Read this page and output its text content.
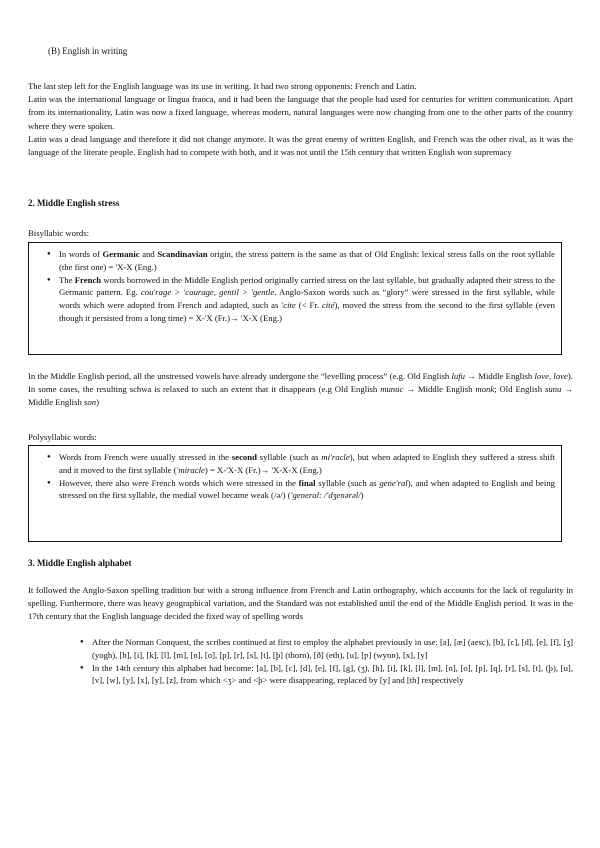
(B) English in writing

The last step left for the English language was its use in writing. It had two strong opponents: French and Latin.

Latin was the international language or lingua franca, and it had been the language that the people had used for centuries for written communication. Apart from its internationality, Latin was now a fixed language, whereas modern, natural languages were now changing from one to the other parts of the country where they were spoken.

Latin was a dead language and therefore it did not change anymore. It was the great enemy of written English, and French was the other rival, as it was the language of the literate people. English had to compete with both, and it was not until the 15th century that written English won supremacy

2. Middle English stress
Bisyllabic words:
● In words of Germanic and Scandinavian origin, the stress pattern is the same as that of Old English: lexical stress falls on the root syllable (the first one) = 'X-X (Eng.)
● The French words borrowed in the Middle English period originally carried stress on the last syllable, but gradually adapted their stress to the Germanic pattern. Eg. cou'rage > 'courage, gentil > 'gentle. Anglo-Saxon words such as “glory” were stressed in the first syllable, while words which were adopted from French and adapted, such as 'cite (< Fr. cité), moved the stress from the second to the first syllable (even though it persisted from a long time) = X-'X (Fr.)→ 'X-X (Eng.)

In the Middle English period, all the unstressed vowels have already undergone the “levelling process” (e.g. Old English lufu → Middle English love, love). In some cases, the resulting schwa is relaxed to such an extent that it disappears (e.g Old English munuc → Middle English monk; Old English sunu → Middle English son)

Polysyllabic words:
● Words from French were usually stressed in the second syllable (such as mi'racle), but when adapted to English they suffered a stress shift and it moved to the first syllable ('miracle) = X-'X-X (Fr.)→ 'X-X-X (Eng.)
● However, there also were French words which were stressed in the final syllable (such as gene'ral), and when adapted to English and being stressed on the first syllable, the medial vowel became weak (/ə/) ('general: /'dʒenərəl/)
3. Middle English alphabet

It followed the Anglo-Saxon spelling tradition but with a strong influence from French and Latin orthography, which accounts for the lack of regularity in spelling. Furthermore, there was heavy geographical variation, and the Standard was not established until the end of the Middle English period. It was in the 17th century that the English language decided the fixed way of spelling words

● After the Norman Conquest, the scribes continued at first to employ the alphabet previously in use: [a], [æ] (aesc), [b], [c], [d], [e], [f], [ʒ] (yogh), [h], [i], [k], [l], [m], [n], [o], [p], [r], [s], [t], [þ] (thorn), [ð] (eth), [u], [ƿ] (wynn), [x], [y]
● In the 14th century this alphabet had become: [a], [b], [c], [d], [e], [f], [g], (ʒ), [h], [i], [k], [l], [m], [n], [o], [p], [q], [r], [s], [t], (þ), [u], [v], [w], [y], [x], [y], [z], from which <ʒ> and <þ> were disappearing, replaced by [y] and [th] respectively
